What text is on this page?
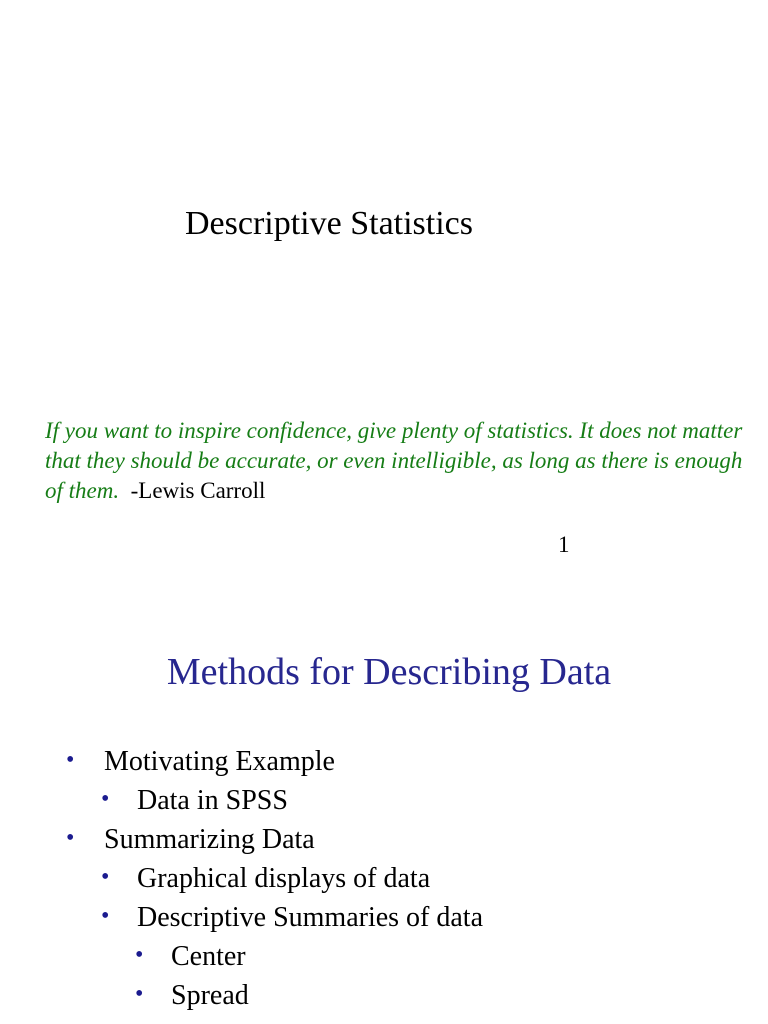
Descriptive Statistics
If you want to inspire confidence, give plenty of statistics. It does not matter that they should be accurate, or even intelligible, as long as there is enough of them. -Lewis Carroll
1
Methods for Describing Data
• Motivating Example
• Data in SPSS
• Summarizing Data
• Graphical displays of data
• Descriptive Summaries of data
• Center
• Spread
